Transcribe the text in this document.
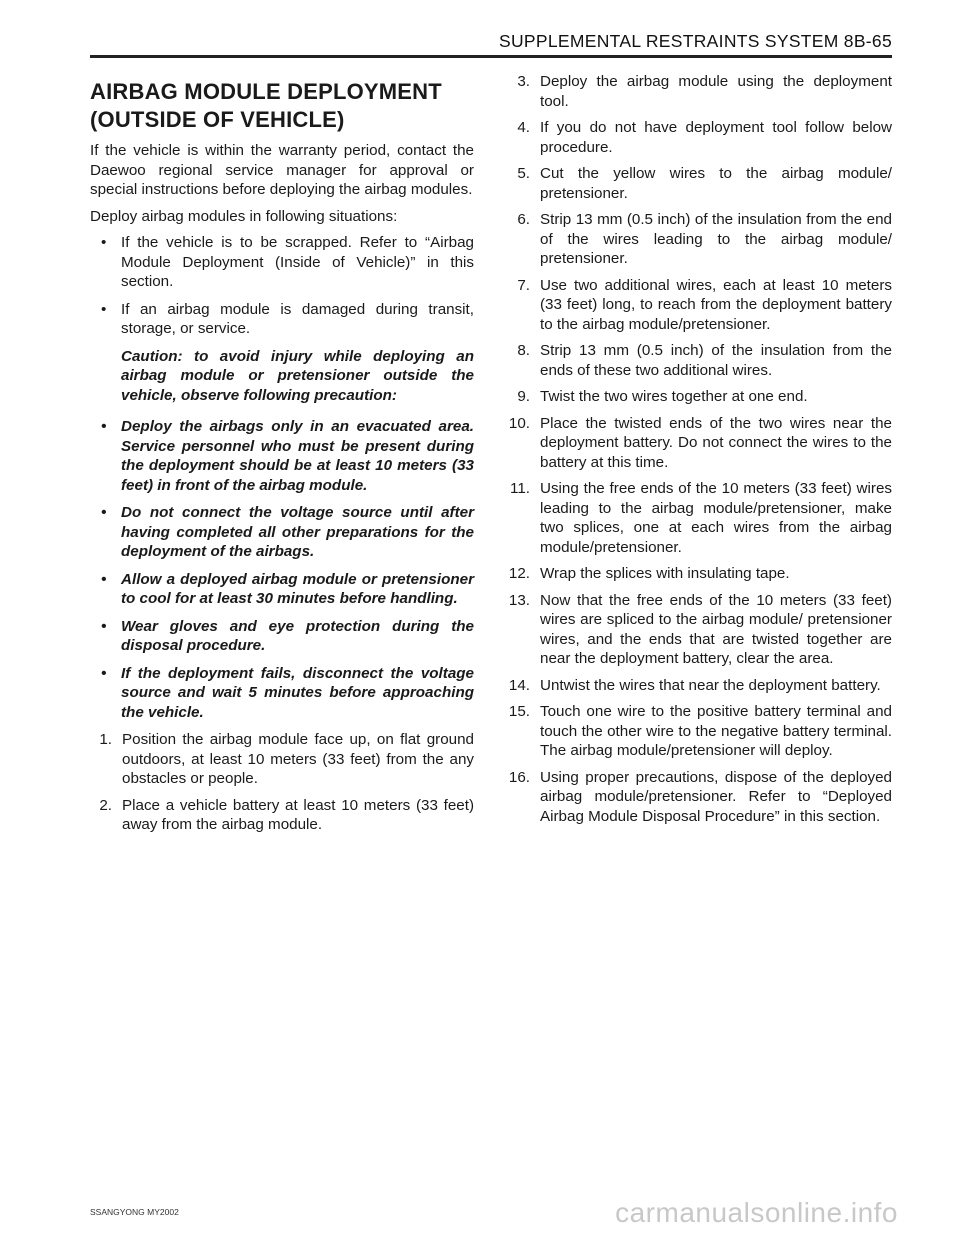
SUPPLEMENTAL RESTRAINTS SYSTEM 8B-65
AIRBAG MODULE DEPLOYMENT
(OUTSIDE OF VEHICLE)

If the vehicle is within the warranty period, contact the Daewoo regional service manager for approval or special instructions before deploying the airbag modules.

Deploy airbag modules in following situations:

• If the vehicle is to be scrapped. Refer to “Airbag Module Deployment (Inside of Vehicle)” in this section.
• If an airbag module is damaged during transit, storage, or service.
Caution: to avoid injury while deploying an airbag module or pretensioner outside the vehicle, observe following precaution:
• Deploy the airbags only in an evacuated area. Service personnel who must be present during the deployment should be at least 10 meters (33 feet) in front of the airbag module.
• Do not connect the voltage source until after having completed all other preparations for the deployment of the airbags.
• Allow a deployed airbag module or pretensioner to cool for at least 30 minutes before handling.
• Wear gloves and eye protection during the disposal procedure.
• If the deployment fails, disconnect the voltage source and wait 5 minutes before approaching the vehicle.
1. Position the airbag module face up, on flat ground outdoors, at least 10 meters (33 feet) from the any obstacles or people.
2. Place a vehicle battery at least 10 meters (33 feet) away from the airbag module.
3. Deploy the airbag module using the deployment tool.
4. If you do not have deployment tool follow below procedure.
5. Cut the yellow wires to the airbag module/ pretensioner.
6. Strip 13 mm (0.5 inch) of the insulation from the end of the wires leading to the airbag module/ pretensioner.
7. Use two additional wires, each at least 10 meters (33 feet) long, to reach from the deployment battery to the airbag module/pretensioner.
8. Strip 13 mm (0.5 inch) of the insulation from the ends of these two additional wires.
9. Twist the two wires together at one end.
10. Place the twisted ends of the two wires near the deployment battery. Do not connect the wires to the battery at this time.
11. Using the free ends of the 10 meters (33 feet) wires leading to the airbag module/pretensioner, make two splices, one at each wires from the airbag module/pretensioner.
12. Wrap the splices with insulating tape.
13. Now that the free ends of the 10 meters (33 feet) wires are spliced to the airbag module/ pretensioner wires, and the ends that are twisted together are near the deployment battery, clear the area.
14. Untwist the wires that near the deployment battery.
15. Touch one wire to the positive battery terminal and touch the other wire to the negative battery terminal. The airbag module/pretensioner will deploy.
16. Using proper precautions, dispose of the deployed airbag module/pretensioner. Refer to “Deployed Airbag Module Disposal Procedure” in this section.
SSANGYONG MY2002	carmanualsonline.info
